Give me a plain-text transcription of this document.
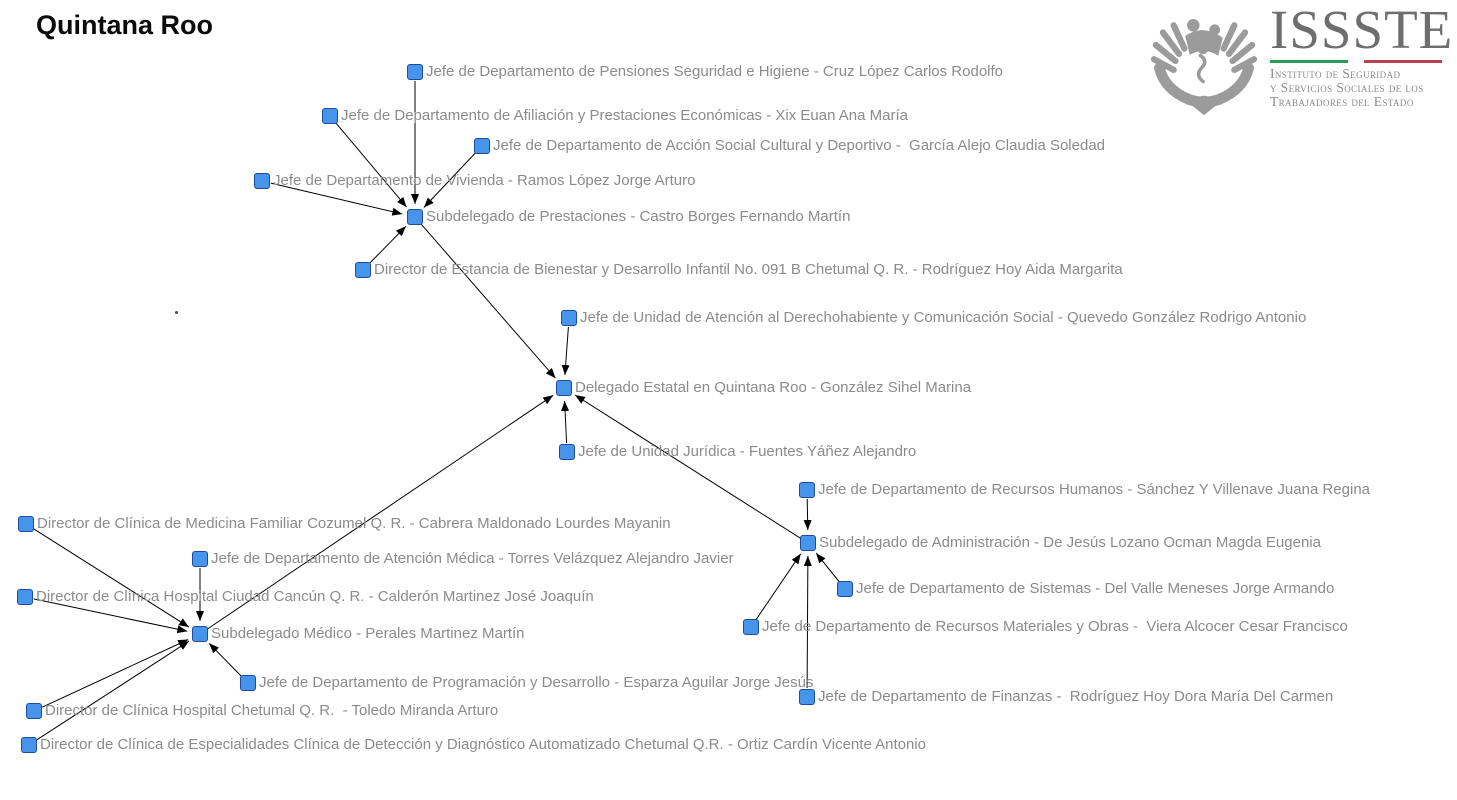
Quintana Roo
Jefe de Departamento de Pensiones Seguridad e Higiene - Cruz López Carlos Rodolfo
Jefe de Departamento de Afiliación y Prestaciones Económicas - Xix Euan Ana María
Jefe de Departamento de Acción Social Cultural y Deportivo -  García Alejo Claudia Soledad
Jefe de Departamento de Vivienda - Ramos López Jorge Arturo
Subdelegado de Prestaciones - Castro Borges Fernando Martín
Director de Estancia de Bienestar y Desarrollo Infantil No. 091 B Chetumal Q. R. - Rodríguez Hoy Aida Margarita
Jefe de Unidad de Atención al Derechohabiente y Comunicación Social - Quevedo González Rodrigo Antonio
Delegado Estatal en Quintana Roo - González Sihel Marina
Jefe de Unidad Jurídica - Fuentes Yáñez Alejandro
Jefe de Departamento de Recursos Humanos - Sánchez Y Villenave Juana Regina
Subdelegado de Administración - De Jesús Lozano Ocman Magda Eugenia
Jefe de Departamento de Sistemas - Del Valle Meneses Jorge Armando
Jefe de Departamento de Recursos Materiales y Obras -  Viera Alcocer Cesar Francisco
Jefe de Departamento de Finanzas -  Rodríguez Hoy Dora María Del Carmen
Director de Clínica de Medicina Familiar Cozumel Q. R. - Cabrera Maldonado Lourdes Mayanin
Jefe de Departamento de Atención Médica - Torres Velázquez Alejandro Javier
Director de Clínica Hospital Ciudad Cancún Q. R. - Calderón Martinez José Joaquín
Subdelegado Médico - Perales Martinez Martín
Jefe de Departamento de Programación y Desarrollo - Esparza Aguilar Jorge Jesús
Director de Clínica Hospital Chetumal Q. R.  - Toledo Miranda Arturo
Director de Clínica de Especialidades Clínica de Detección y Diagnóstico Automatizado Chetumal Q.R. - Ortiz Cardín Vicente Antonio
ISSSTE
Instituto de Seguridad
y Servicios Sociales de los
Trabajadores del Estado
